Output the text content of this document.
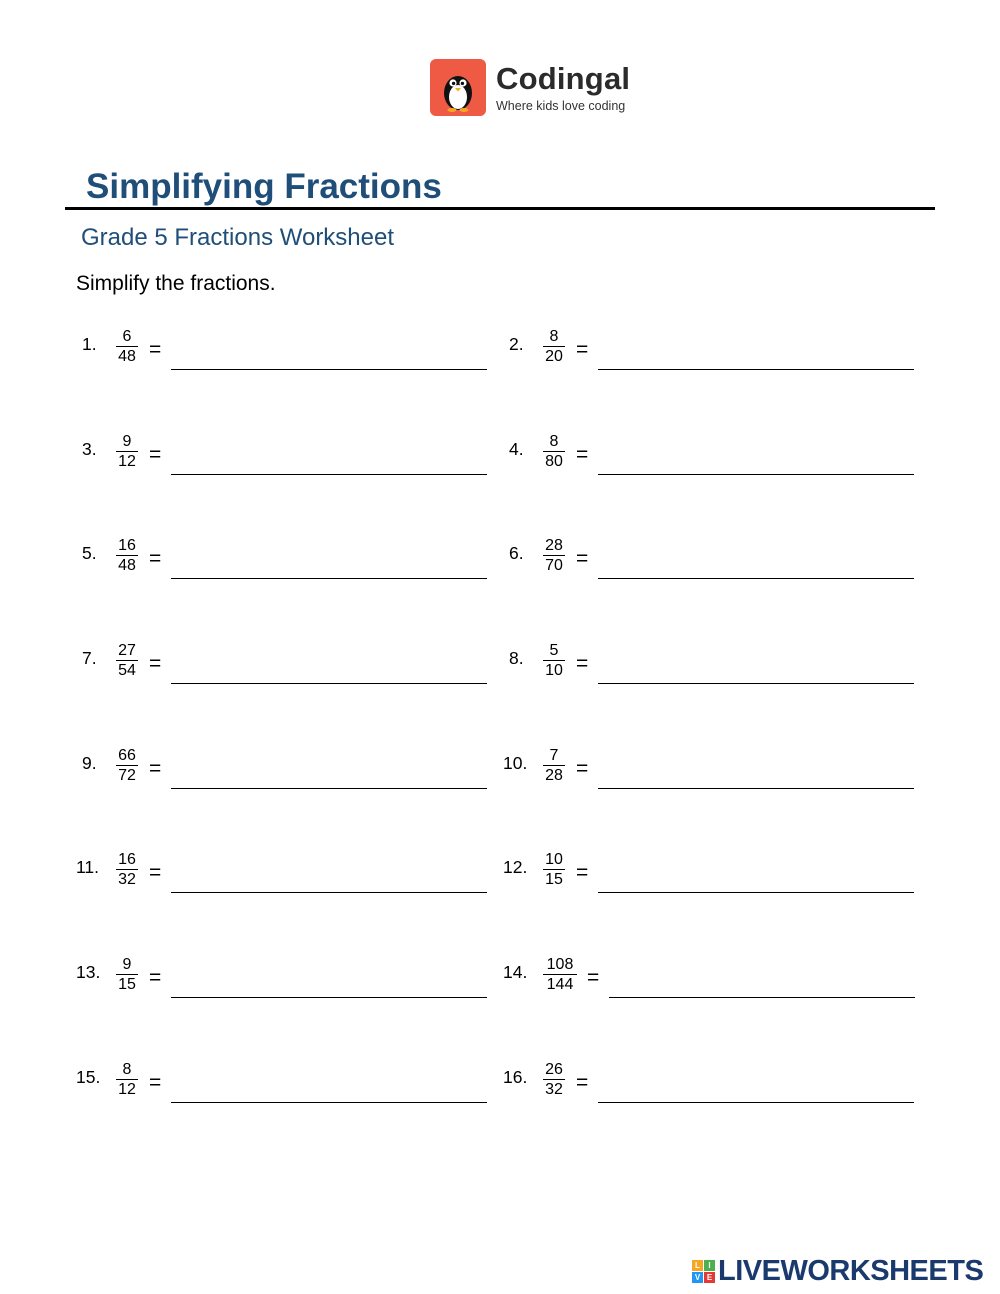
Codingal
Where kids love coding
Simplifying Fractions
Grade 5 Fractions Worksheet
Simplify the fractions.
1. $\frac{6}{48}$ =	2. $\frac{8}{20}$ =
3. $\frac{9}{12}$ =	4. $\frac{8}{80}$ =
5. $\frac{16}{48}$ =	6. $\frac{28}{70}$ =
7. $\frac{27}{54}$ =	8. $\frac{5}{10}$ =
9. $\frac{66}{72}$ =	10. $\frac{7}{28}$ =
11. $\frac{16}{32}$ =	12. $\frac{10}{15}$ =
13. $\frac{9}{15}$ =	14. $\frac{108}{144}$ =
15. $\frac{8}{12}$ =	16. $\frac{26}{32}$ =
L	I
V E LIVEWORKSHEETS
